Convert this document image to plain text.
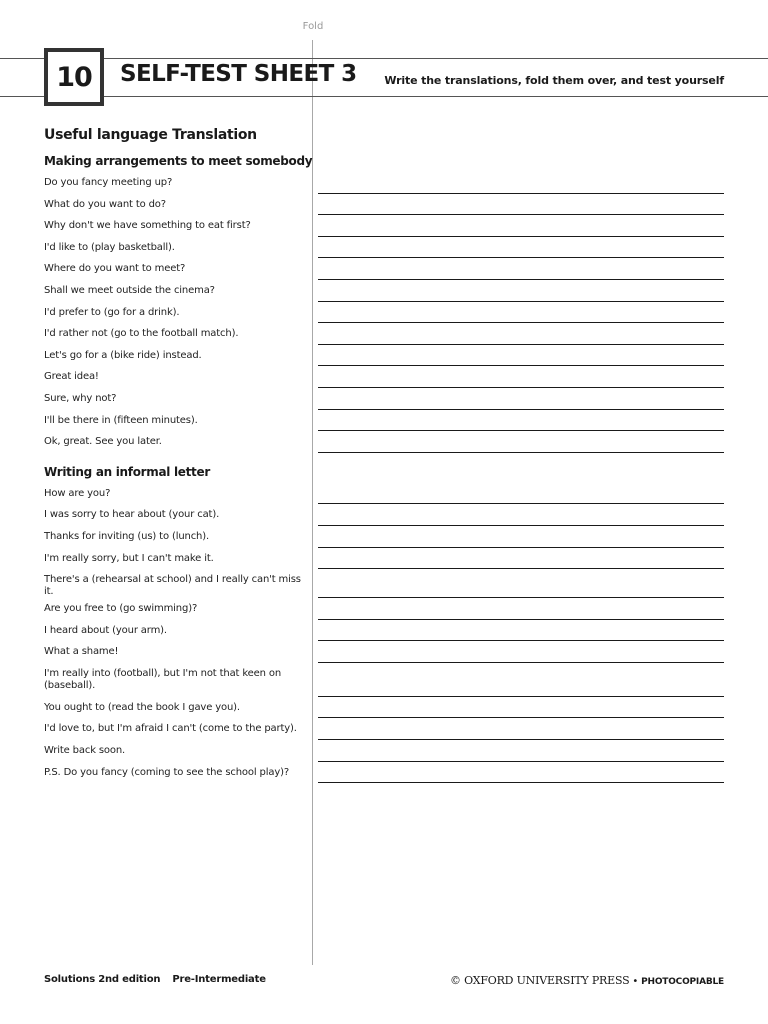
Fold
10 SELF-TEST SHEET 3	Write the translations, fold them over, and test yourself
Useful language Translation
Making arrangements to meet somebody
Do you fancy meeting up?
What do you want to do?
Why don't we have something to eat first?
I'd like to (play basketball).
Where do you want to meet?
Shall we meet outside the cinema?
I'd prefer to (go for a drink).
I'd rather not (go to the football match).
Let's go for a (bike ride) instead.
Great idea!
Sure, why not?
I'll be there in (fifteen minutes).
Ok, great. See you later.
Writing an informal letter
How are you?
I was sorry to hear about (your cat).
Thanks for inviting (us) to (lunch).
I'm really sorry, but I can't make it.
There's a (rehearsal at school) and I really can't miss it.
Are you free to (go swimming)?
I heard about (your arm).
What a shame!
I'm really into (football), but I'm not that keen on (baseball).
You ought to (read the book I gave you).
I'd love to, but I'm afraid I can't (come to the party).
Write back soon.
P.S. Do you fancy (coming to see the school play)?
Solutions 2nd edition Pre-Intermediate	© OXFORD UNIVERSITY PRESS • PHOTOCOPIABLE
